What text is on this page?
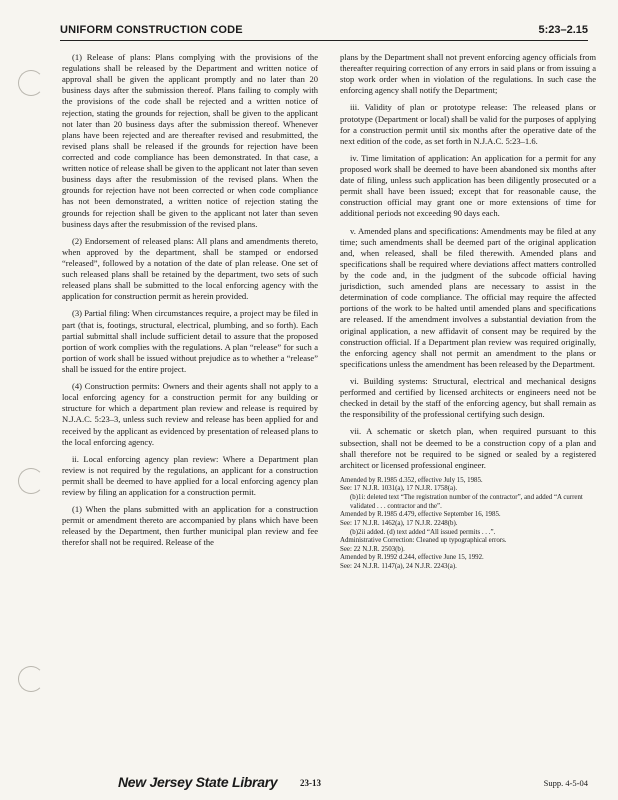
UNIFORM CONSTRUCTION CODE	5:23–2.15

(1) Release of plans: Plans complying with the provisions of the regulations shall be released by the Department and written notice of approval shall be given the applicant promptly and no later than 20 business days after the submission thereof. Plans failing to comply with the provisions of the code shall be rejected and a written notice of rejection, stating the grounds for rejection, shall be given to the applicant not later than 20 business days after the submission thereof. Whenever plans have been rejected and are thereafter revised and resubmitted, the revised plans shall be released if the grounds for rejection have been corrected and code compliance has been demonstrated. In that case, a written notice of release shall be given to the applicant not later than seven business days after the resubmission of the revised plans. When the grounds for rejection have not been corrected or when code compliance has not been demonstrated, a written notice of rejection stating the grounds for rejection shall be given to the applicant not later than seven business days after the resubmission of the revised plans.

(2) Endorsement of released plans: All plans and amendments thereto, when approved by the department, shall be stamped or endorsed “released”, followed by a notation of the date of plan release. One set of such released plans shall be retained by the department, two sets of such released plans shall be submitted to the local enforcing agency with the application for construction permit as herein provided.

(3) Partial filing: When circumstances require, a project may be filed in part (that is, footings, structural, electrical, plumbing, and so forth). Each partial submittal shall include sufficient detail to assure that the proposed portion of work complies with the regulations. A plan “release” for such a portion of work shall be issued without prejudice as to whether a “release” shall be issued for the entire project.

(4) Construction permits: Owners and their agents shall not apply to a local enforcing agency for a construction permit for any building or structure for which a department plan review and release is required by N.J.A.C. 5:23–3, unless such review and release has been applied for and received by the applicant as evidenced by presentation of released plans to the local enforcing agency.

ii. Local enforcing agency plan review: Where a Department plan review is not required by the regulations, an applicant for a construction permit shall be deemed to have applied for a local enforcing agency plan review by filing an application for a construction permit.

(1) When the plans submitted with an application for a construction permit or amendment thereto are accompanied by plans which have been released by the Department, then further municipal plan review and fee therefor shall not be required. Release of the

plans by the Department shall not prevent enforcing agency officials from thereafter requiring correction of any errors in said plans or from issuing a stop work order when in violation of the regulations. In such case the enforcing agency shall notify the Department;

iii. Validity of plan or prototype release: The released plans or prototype (Department or local) shall be valid for the purposes of applying for a construction permit until six months after the operative date of the next edition of the code, as set forth in N.J.A.C. 5:23–1.6.

iv. Time limitation of application: An application for a permit for any proposed work shall be deemed to have been abandoned six months after date of filing, unless such application has been diligently prosecuted or a permit shall have been issued; except that for reasonable cause, the construction official may grant one or more extensions of time for additional periods not exceeding 90 days each.

v. Amended plans and specifications: Amendments may be filed at any time; such amendments shall be deemed part of the original application and, when released, shall be filed therewith. Amended plans and specifications shall be required where deviations affect matters controlled by the code and, in the judgment of the subcode official having jurisdiction, such amended plans are necessary to assist in the determination of code compliance. The official may require the affected portions of the work to be halted until amended plans and specifications are released. If the amendment involves a substantial deviation from the original application, a new affidavit of consent may be required by the construction official. If a Department plan review was required originally, the enforcing agency shall not permit an amendment to the plans or specifications unless the amendment has been released by the Department.

vi. Building systems: Structural, electrical and mechanical designs performed and certified by licensed architects or engineers need not be checked in detail by the staff of the enforcing agency, but shall remain as the responsibility of the professional certifying such design.

vii. A schematic or sketch plan, when required pursuant to this subsection, shall not be deemed to be a construction copy of a plan and shall therefore not be required to be signed or sealed by a registered architect or licensed professional engineer.

Amended by R.1985 d.352, effective July 15, 1985.
See: 17 N.J.R. 1031(a), 17 N.J.R. 1758(a).
(b)1i: deleted text “The registration number of the contractor”, and added “A current validated . . . contractor and the”.
Amended by R.1985 d.479, effective September 16, 1985.
See: 17 N.J.R. 1462(a), 17 N.J.R. 2248(b).
(b)2ii added. (d) text added “All issued permits . . .”.
Administrative Correction: Cleaned up typographical errors.
See: 22 N.J.R. 2503(b).
Amended by R.1992 d.244, effective June 15, 1992.
See: 24 N.J.R. 1147(a), 24 N.J.R. 2243(a).
New Jersey State Library	23-13	Supp. 4-5-04
